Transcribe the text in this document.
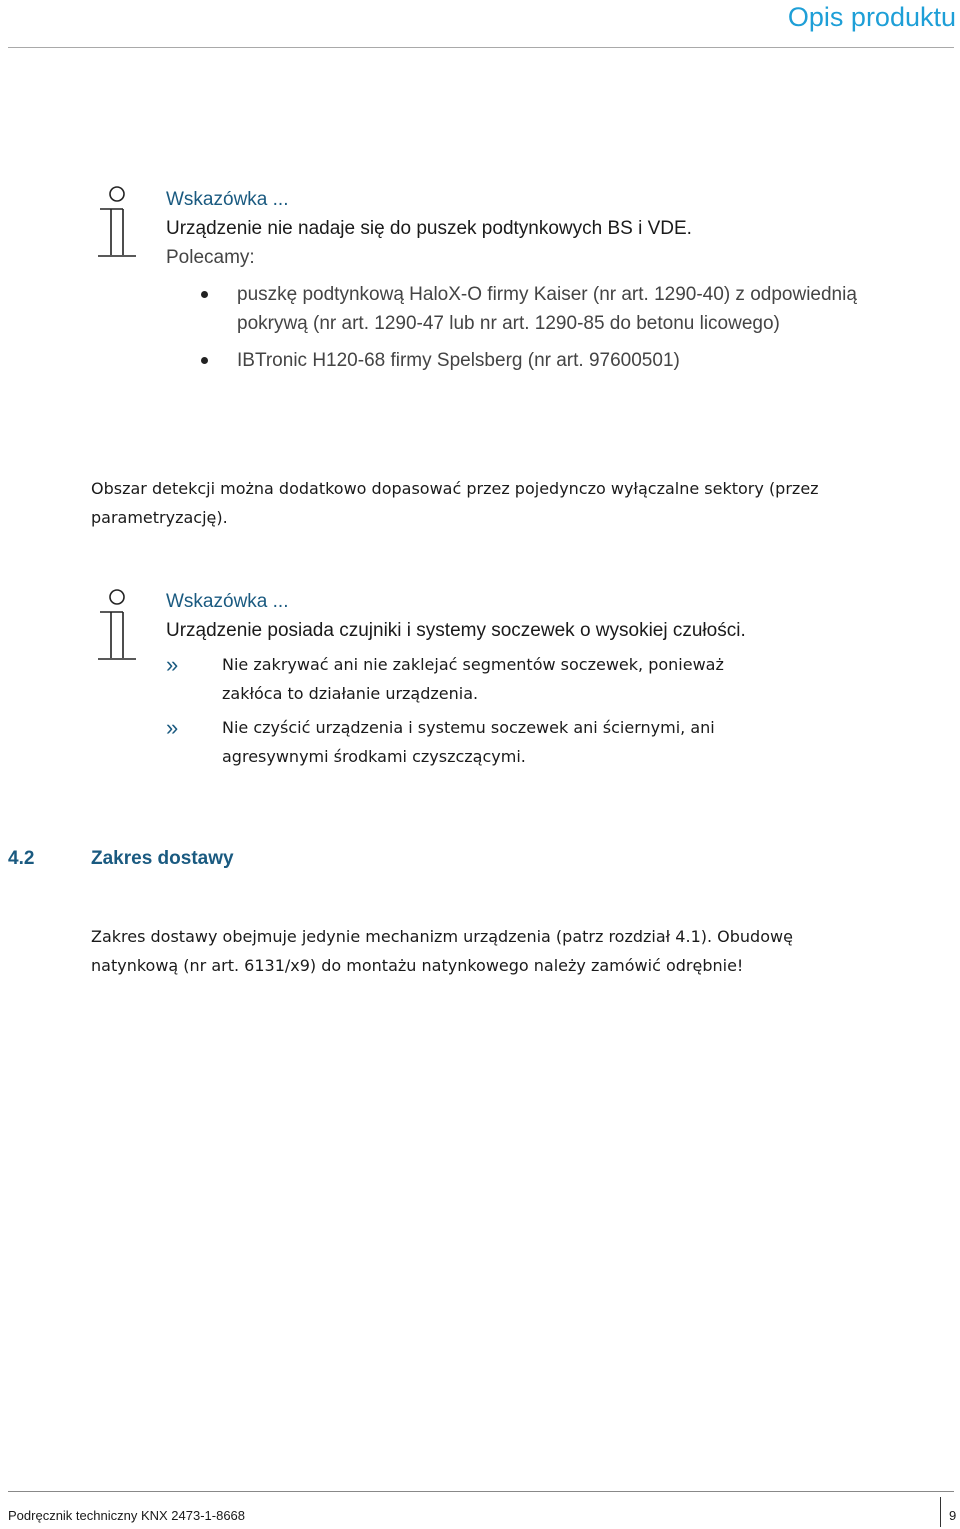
Opis produktu
Wskazówka ...
Urządzenie nie nadaje się do puszek podtynkowych BS i VDE.
Polecamy:
puszkę podtynkową HaloX-O firmy Kaiser (nr art. 1290-40) z odpowiednią pokrywą (nr art. 1290-47 lub nr art. 1290-85 do betonu licowego)
IBTronic H120-68 firmy Spelsberg (nr art. 97600501)
Obszar detekcji można dodatkowo dopasować przez pojedynczo wyłączalne sektory (przez parametryzację).
Wskazówka ...
Urządzenie posiada czujniki i systemy soczewek o wysokiej czułości.
»	Nie zakrywać ani nie zaklejać segmentów soczewek, ponieważ zakłóca to działanie urządzenia.
»	Nie czyścić urządzenia i systemu soczewek ani ściernymi, ani agresywnymi środkami czyszczącymi.
4.2	Zakres dostawy
Zakres dostawy obejmuje jedynie mechanizm urządzenia (patrz rozdział 4.1). Obudowę natynkową (nr art. 6131/x9) do montażu natynkowego należy zamówić odrębnie!
Podręcznik techniczny KNX 2473-1-8668	9
